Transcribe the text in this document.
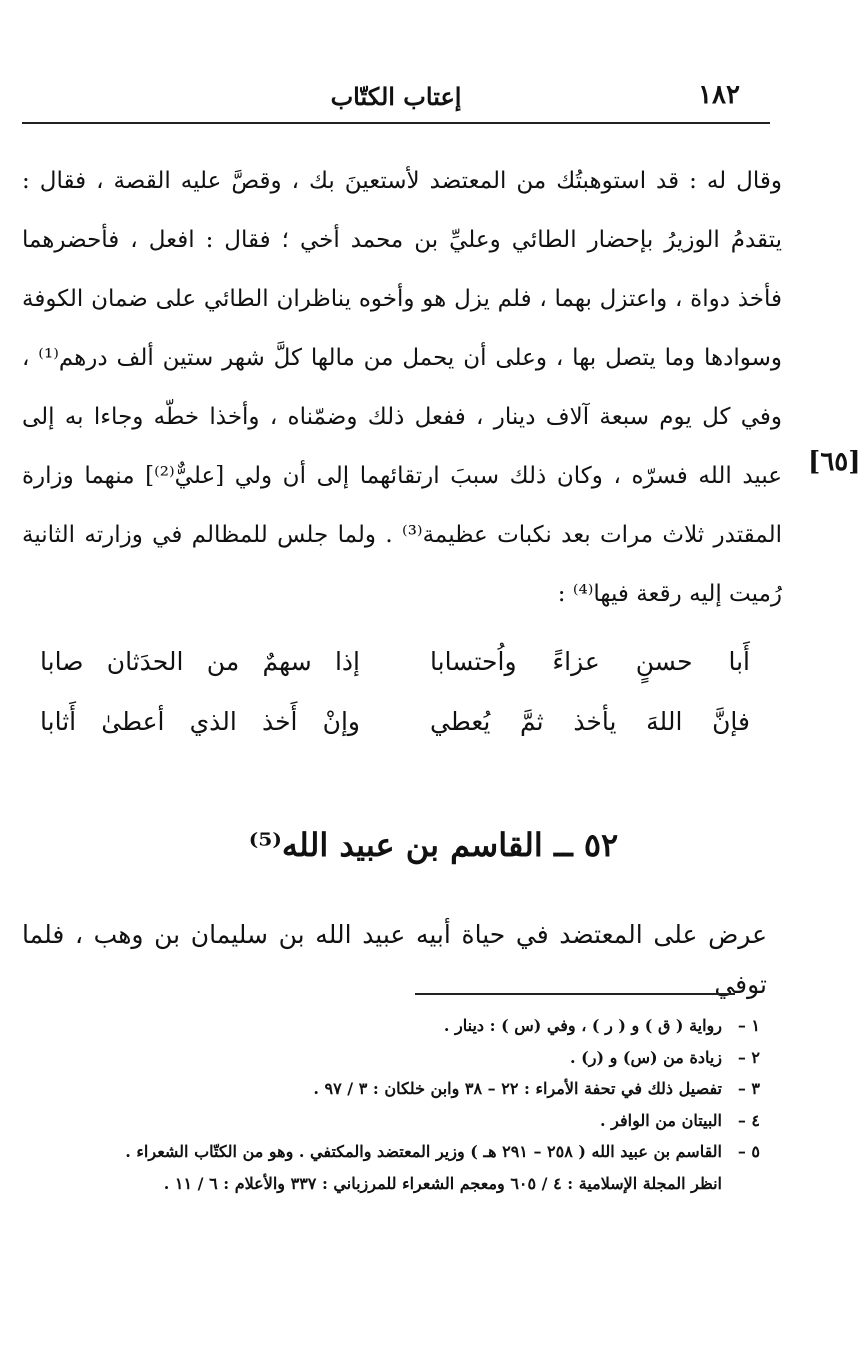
١٨٢
إعتاب الكتّاب

وقال له : قد استوهبتُك من المعتضد لأستعينَ بك ، وقصَّ عليه القصة ، فقال : يتقدمُ الوزيرُ بإحضار الطائي وعليِّ بن محمد أخي ؛ فقال : افعل ، فأحضرهما فأخذ دواة ، واعتزل بهما ، فلم يزل هو وأخوه يناظران الطائي على ضمان الكوفة وسوادها وما يتصل بها ، وعلى أن يحمل من مالها كلَّ شهر ستين ألف درهم⁽¹⁾ ، وفي كل يوم سبعة آلاف دينار ، ففعل ذلك وضمّناه ، وأخذا خطّه وجاءا به إلى عبيد الله فسرّه ، وكان ذلك سببَ ارتقائهما إلى أن ولي [عليٌّ⁽²⁾] منهما وزارة المقتدر ثلاث مرات بعد نكبات عظيمة⁽³⁾ . ولما جلس للمظالم في وزارته الثانية رُميت إليه رقعة فيها⁽⁴⁾ :

[٦٥]
أَبا حسنٍ عزاءً واُحتسابا
إذا سهمٌ من الحدَثان صابا
فإنَّ اللهَ يأخذ ثمَّ يُعطي
وإنْ أَخذ الذي أعطىٰ أَثابا
٥٢ ــ القاسم بن عبيد الله⁽⁵⁾
عرض على المعتضد في حياة أبيه عبيد الله بن سليمان بن وهب ، فلما توفي
١ –
رواية ( ق ) و ( ر ) ، وفي (س ) : دينار .
٢ –
زيادة من (س) و (ر) .
٣ –
تفصيل ذلك في تحفة الأمراء : ٢٢ – ٣٨ وابن خلكان : ٣ / ٩٧ .
٤ –
البيتان من الوافر .
٥ –
القاسم بن عبيد الله ( ٢٥٨ – ٢٩١ هـ ) وزير المعتضد والمكتفي . وهو من الكتّاب الشعراء .
انظر المجلة الإسلامية : ٤ / ٦٠٥ ومعجم الشعراء للمرزباني : ٣٣٧ والأعلام : ٦ / ١١ .
